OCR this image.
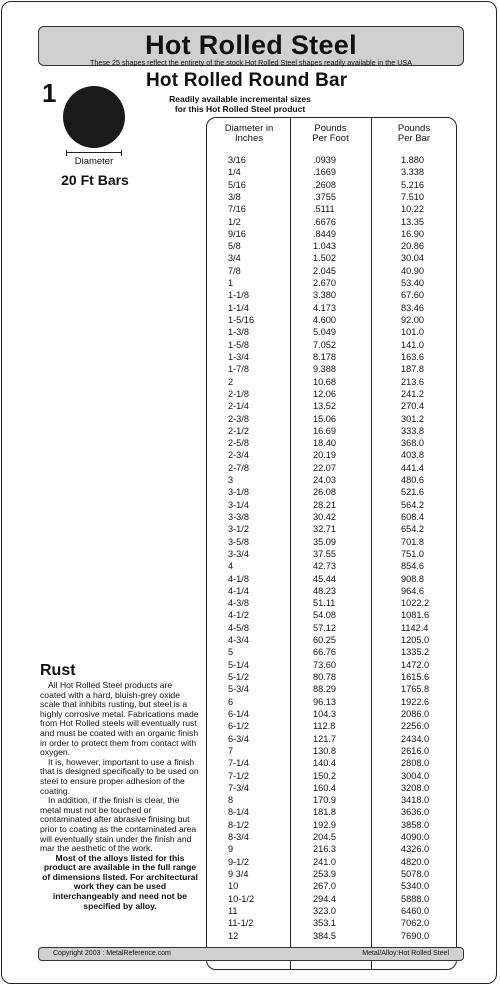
Hot Rolled Steel
These 25 shapes reflect the entirety of the stock Hot Rolled Steel shapes readily available in the USA
1
Diameter
20 Ft Bars
Hot Rolled Round Bar
Readily available incremental sizes
for this Hot Rolled Steel product
Diameter in
Inches
Pounds
Per Foot
Pounds
Per Bar
3/16	.0939	1.880
1/4	.1669	3.338
5/16	.2608	5.216
3/8	.3755	7.510
7/16	.5111	10.22
1/2	.6676	13.35
9/16	.8449	16.90
5/8	1.043	20.86
3/4	1.502	30.04
7/8	2.045	40.90
1	2.670	53.40
1-1/8	3.380	67.60
1-1/4	4.173	83.46
1-5/16	4.600	92.00
1-3/8	5.049	101.0
1-5/8	7.052	141.0
1-3/4	8.178	163.6
1-7/8	9.388	187.8
2	10.68	213.6
2-1/8	12.06	241.2
2-1/4	13.52	270.4
2-3/8	15.06	301.2
2-1/2	16.69	333.8
2-5/8	18.40	368.0
2-3/4	20.19	403.8
2-7/8	22.07	441.4
3	24.03	480.6
3-1/8	26.08	521.6
3-1/4	28.21	564.2
3-3/8	30.42	608.4
3-1/2	32.71	654.2
3-5/8	35.09	701.8
3-3/4	37.55	751.0
4	42.73	854.6
4-1/8	45.44	908.8
4-1/4	48.23	964.6
4-3/8	51.11	1022.2
4-1/2	54.08	1081.6
4-5/8	57.12	1142.4
4-3/4	60.25	1205.0
5	66.76	1335.2
5-1/4	73.60	1472.0
5-1/2	80.78	1615.6
5-3/4	88.29	1765.8
6	96.13	1922.6
6-1/4	104.3	2086.0
6-1/2	112.8	2256.0
6-3/4	121.7	2434.0
7	130.8	2616.0
7-1/4	140.4	2808.0
7-1/2	150.2	3004.0
7-3/4	160.4	3208.0
8	170.9	3418.0
8-1/4	181.8	3636.0
8-1/2	192.9	3858.0
8-3/4	204.5	4090.0
9	216.3	4326.0
9-1/2	241.0	4820.0
9 3/4	253.9	5078.0
10	267.0	5340.0
10-1/2	294.4	5888.0
11	323.0	6460.0
11-1/2	353.1	7062.0
12	384.5	7690.0
Rust

All Hot Rolled Steel products are coated with a hard, bluish-grey oxide scale that inhibits rusting, but steel is a highly corrosive metal. Fabrications made from Hot Rolled steels will eventually rust and must be coated with an organic finish in order to protect them from contact with oxygen.

It is, however, important to use a finish that is designed specifically to be used on steel to ensure proper adhesion of the coating.

In addition, if the finish is clear, the metal must not be touched or contaminated after abrasive finising but prior to coating as the contaminated area will eventually stain under the finish and mar the aesthetic of the work.

Most of the alloys listed for this product are available in the full range of dimensions listed. For architectural work they can be used interchangeably and need not be specified by alloy.

Copyright 2003 : MetalReference.com	Metal/Alloy:Hot Rolled Steel
